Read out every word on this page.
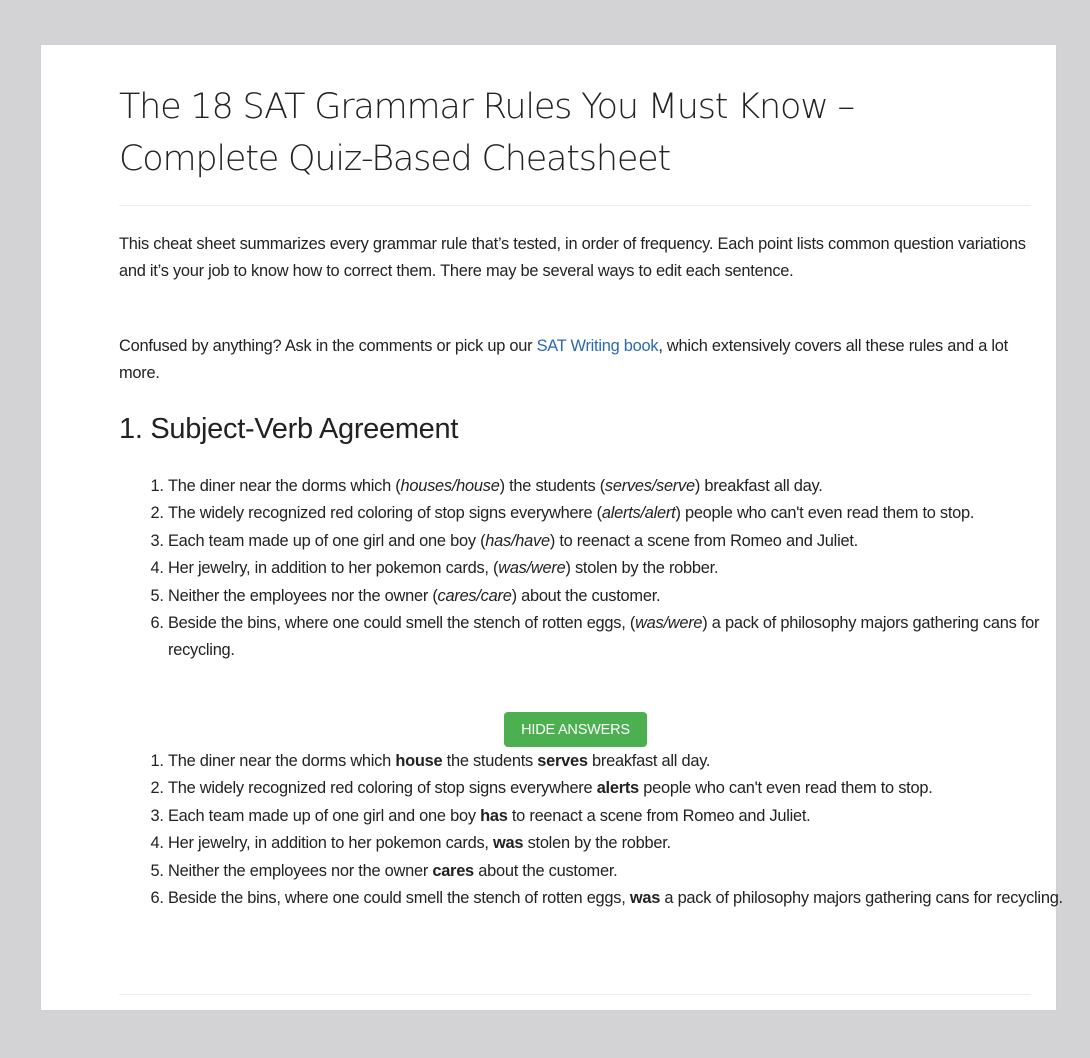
The 18 SAT Grammar Rules You Must Know – Complete Quiz-Based Cheatsheet

This cheat sheet summarizes every grammar rule that’s tested, in order of frequency. Each point lists common question variations and it’s your job to know how to correct them. There may be several ways to edit each sentence.

Confused by anything? Ask in the comments or pick up our SAT Writing book, which extensively covers all these rules and a lot more.

1. Subject-Verb Agreement
1. The diner near the dorms which (houses/house) the students (serves/serve) breakfast all day.
2. The widely recognized red coloring of stop signs everywhere (alerts/alert) people who can't even read them to stop.
3. Each team made up of one girl and one boy (has/have) to reenact a scene from Romeo and Juliet.
4. Her jewelry, in addition to her pokemon cards, (was/were) stolen by the robber.
5. Neither the employees nor the owner (cares/care) about the customer.
6. Beside the bins, where one could smell the stench of rotten eggs, (was/were) a pack of philosophy majors gathering cans for recycling.
HIDE ANSWERS
1. The diner near the dorms which house the students serves breakfast all day.
2. The widely recognized red coloring of stop signs everywhere alerts people who can't even read them to stop.
3. Each team made up of one girl and one boy has to reenact a scene from Romeo and Juliet.
4. Her jewelry, in addition to her pokemon cards, was stolen by the robber.
5. Neither the employees nor the owner cares about the customer.
6. Beside the bins, where one could smell the stench of rotten eggs, was a pack of philosophy majors gathering cans for recycling.
